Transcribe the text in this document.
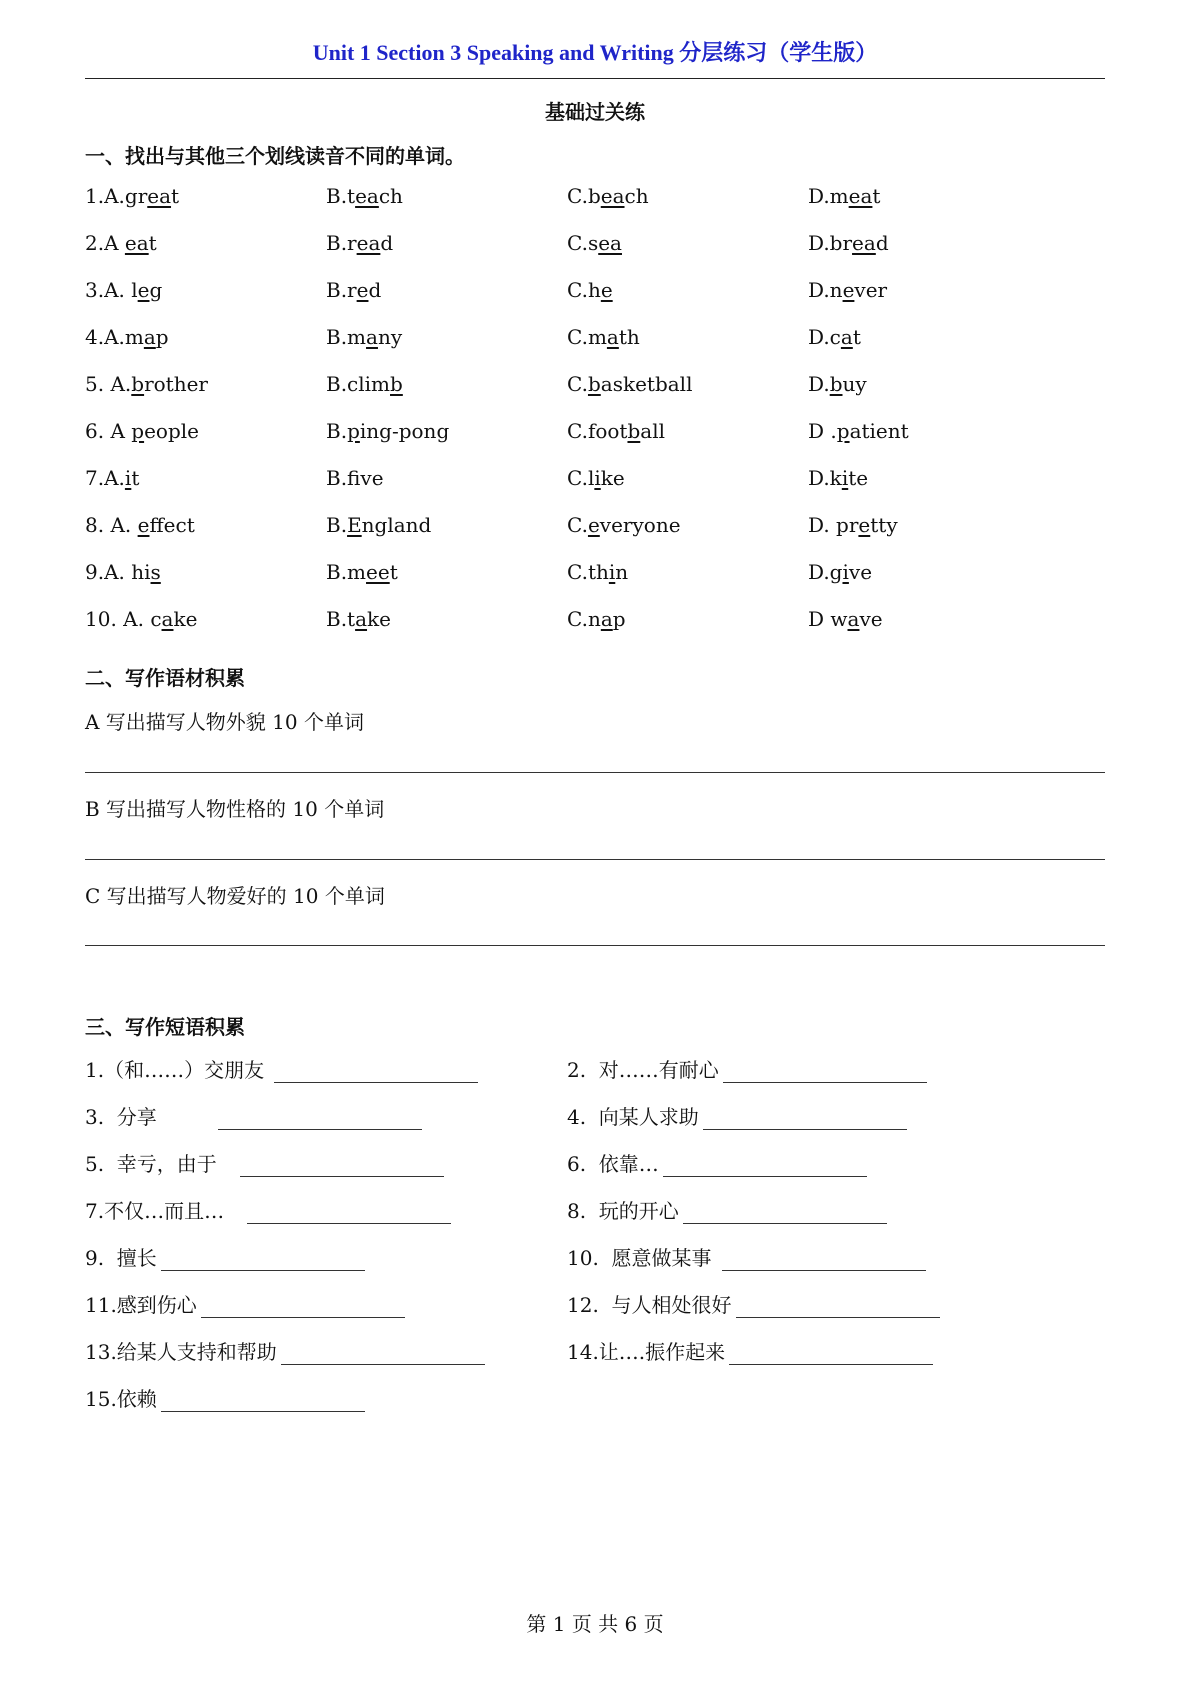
Unit 1 Section 3 Speaking and Writing 分层练习（学生版）
基础过关练
一、找出与其他三个划线读音不同的单词。
1.A.great	B.teach	C.beach	D.meat
2.A eat	B.read	C.sea	D.bread
3.A. leg	B.red	C.he	D.never
4.A.map	B.many	C.math	D.cat
5. A.brother	B.climb	C.basketball	D.buy
6. A people	B.ping-pong	C.football	D .patient
7.A.it	B.fve	C.like	D.kite
8. A. effect	B.England	C.everyone	D. pretty
9.A. his	B.meet	C.thin	D.give
10. A. cake	B.take	C.nap	D wave
二、写作语材积累
A 写出描写人物外貌 10 个单词
B 写出描写人物性格的 10 个单词
C 写出描写人物爱好的 10 个单词
三、写作短语积累
1.（和……）交朋友	2.  对……有耐心
3.  分享	4.  向某人求助
5.  幸亏，由于	6.  依靠…
7.不仅…而且…	8.  玩的开心
9.  擅长	10.  愿意做某事
11.感到伤心	12.  与人相处很好
13.给某人支持和帮助	14.让….振作起来
15.依赖
第 1 页 共 6 页
